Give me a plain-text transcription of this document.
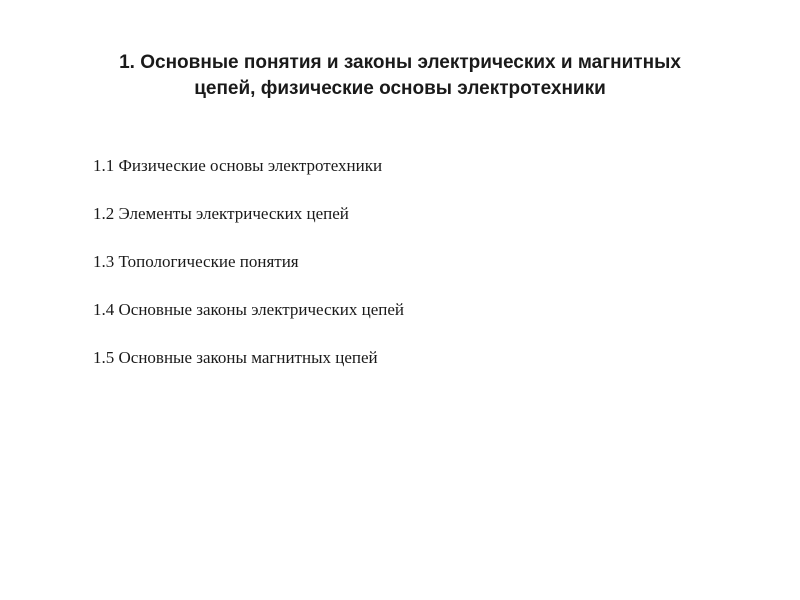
1. Основные понятия и законы электрических и магнитных
цепей, физические основы электротехники
1.1 Физические основы электротехники
1.2 Элементы электрических цепей
1.3 Топологические понятия
1.4 Основные законы электрических цепей
1.5 Основные законы магнитных цепей
